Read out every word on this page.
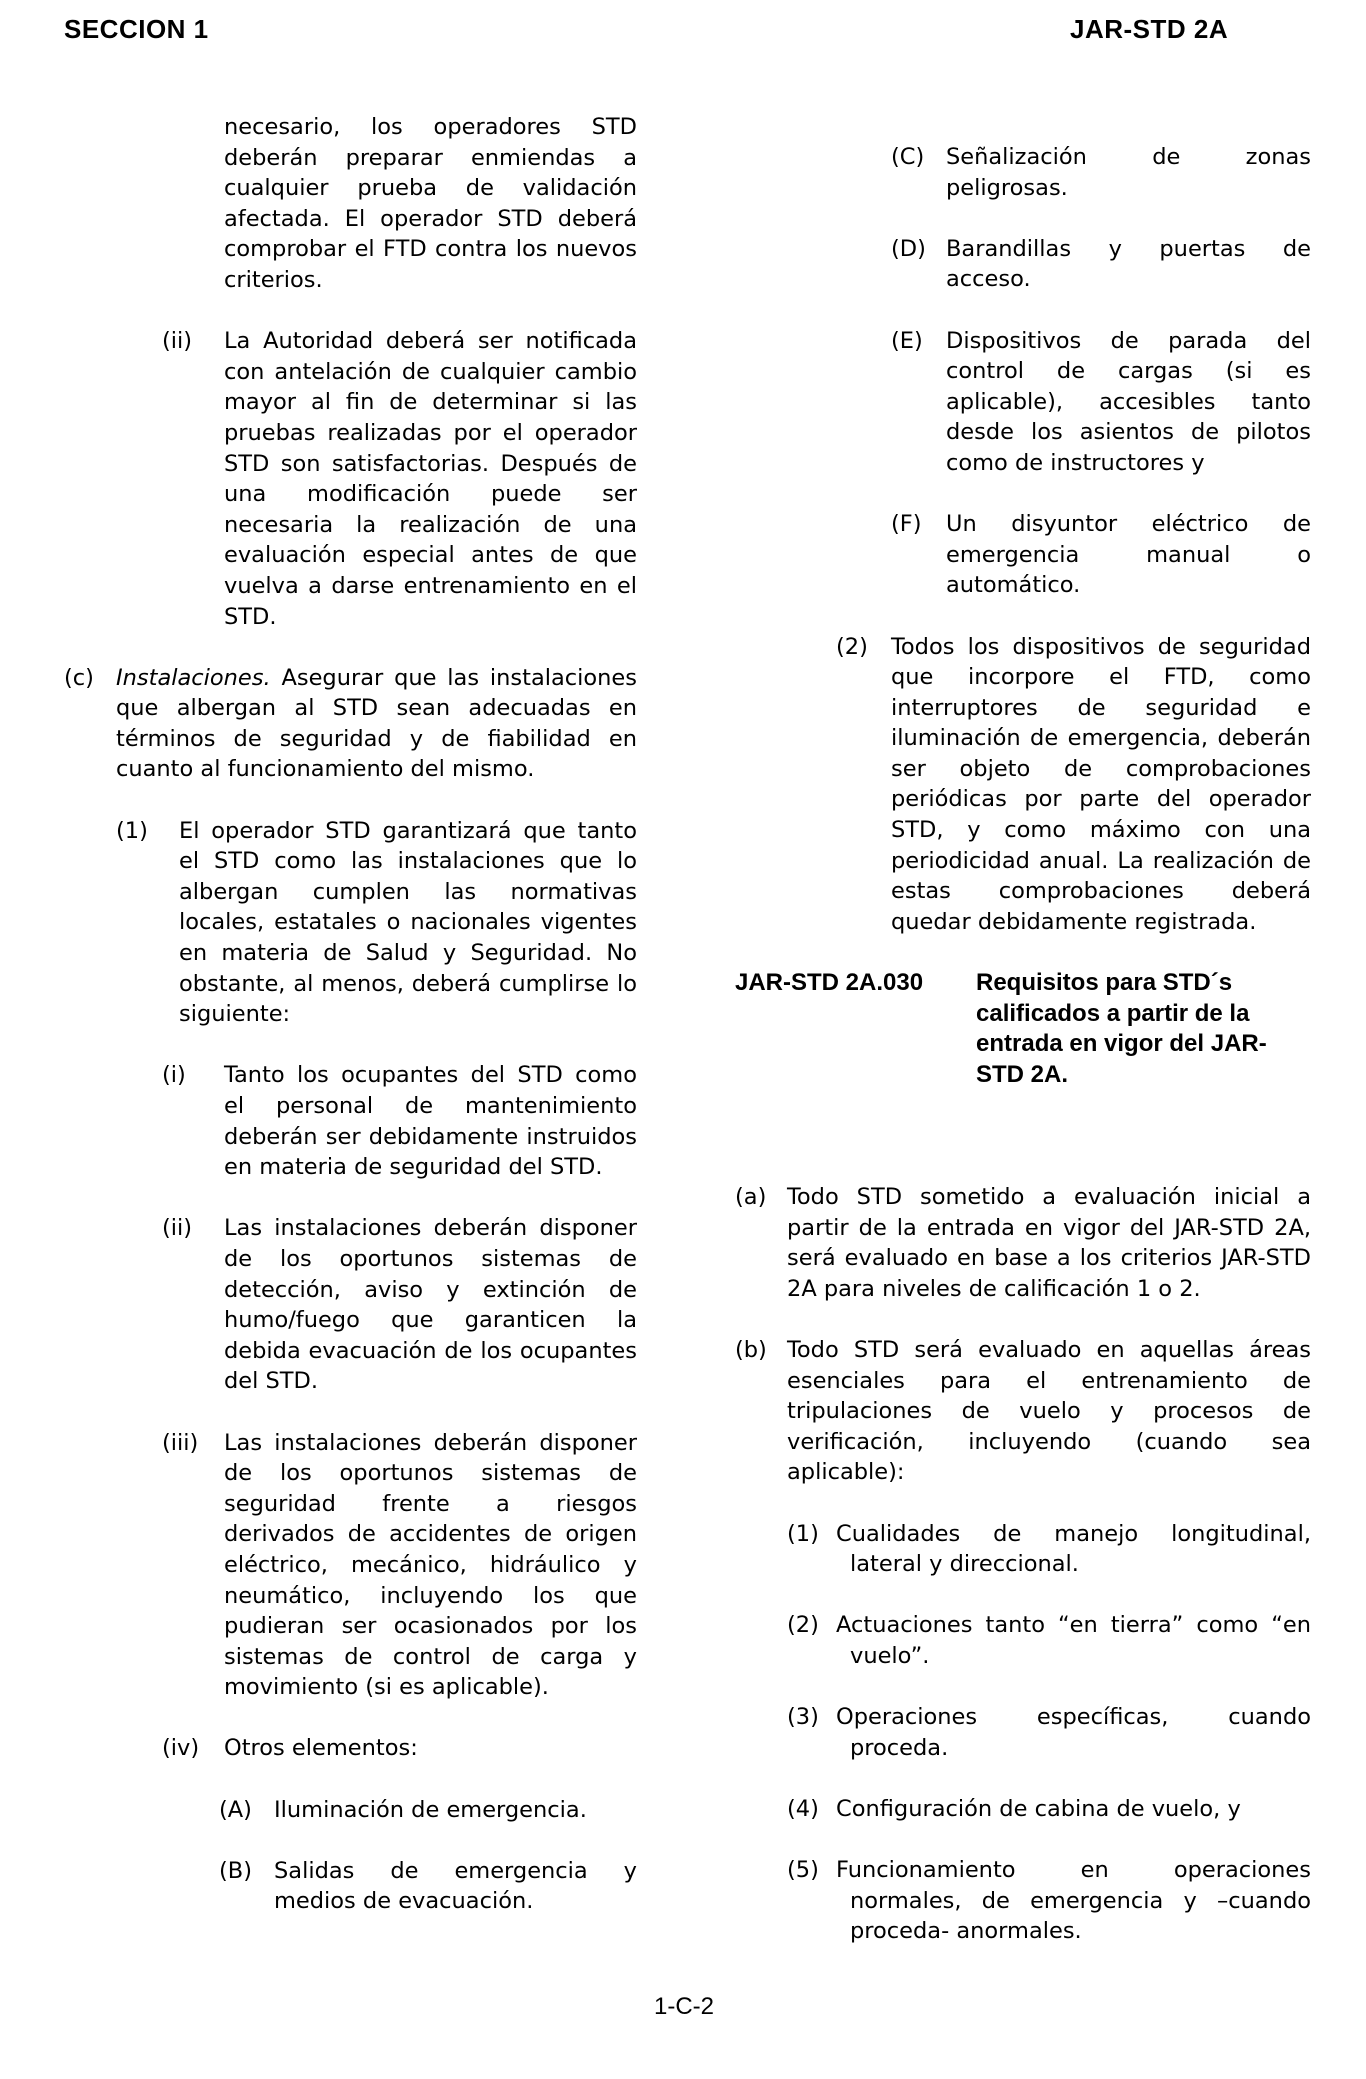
SECCION 1	JAR-STD 2A
necesario, los operadores STD deberán preparar enmiendas a cualquier prueba de validación afectada. El operador STD deberá comprobar el FTD contra los nuevos criterios.
(ii) La Autoridad deberá ser notificada con antelación de cualquier cambio mayor al fin de determinar si las pruebas realizadas por el operador STD son satisfactorias. Después de una modificación puede ser necesaria la realización de una evaluación especial antes de que vuelva a darse entrenamiento en el STD.
(c) Instalaciones. Asegurar que las instalaciones que albergan al STD sean adecuadas en términos de seguridad y de fiabilidad en cuanto al funcionamiento del mismo.
(1) El operador STD garantizará que tanto el STD como las instalaciones que lo albergan cumplen las normativas locales, estatales o nacionales vigentes en materia de Salud y Seguridad. No obstante, al menos, deberá cumplirse lo siguiente:
(i) Tanto los ocupantes del STD como el personal de mantenimiento deberán ser debidamente instruidos en materia de seguridad del STD.
(ii) Las instalaciones deberán disponer de los oportunos sistemas de detección, aviso y extinción de humo/fuego que garanticen la debida evacuación de los ocupantes del STD.
(iii) Las instalaciones deberán disponer de los oportunos sistemas de seguridad frente a riesgos derivados de accidentes de origen eléctrico, mecánico, hidráulico y neumático, incluyendo los que pudieran ser ocasionados por los sistemas de control de carga y movimiento (si es aplicable).
(iv) Otros elementos:
(A) Iluminación de emergencia.
(B) Salidas de emergencia y medios de evacuación.
(C) Señalización de zonas peligrosas.
(D) Barandillas y puertas de acceso.
(E) Dispositivos de parada del control de cargas (si es aplicable), accesibles tanto desde los asientos de pilotos como de instructores y
(F) Un disyuntor eléctrico de emergencia manual o automático.
(2) Todos los dispositivos de seguridad que incorpore el FTD, como interruptores de seguridad e iluminación de emergencia, deberán ser objeto de comprobaciones periódicas por parte del operador STD, y como máximo con una periodicidad anual. La realización de estas comprobaciones deberá quedar debidamente registrada.
JAR-STD 2A.030 Requisitos para STD´s calificados a partir de la entrada en vigor del JAR-STD 2A.
(a) Todo STD sometido a evaluación inicial a partir de la entrada en vigor del JAR-STD 2A, será evaluado en base a los criterios JAR-STD 2A para niveles de calificación 1 o 2.
(b) Todo STD será evaluado en aquellas áreas esenciales para el entrenamiento de tripulaciones de vuelo y procesos de verificación, incluyendo (cuando sea aplicable):
(1) Cualidades de manejo longitudinal, lateral y direccional.
(2) Actuaciones tanto “en tierra” como “en vuelo”.
(3) Operaciones específicas, cuando proceda.
(4) Configuración de cabina de vuelo, y
(5) Funcionamiento en operaciones normales, de emergencia y –cuando proceda- anormales.
1-C-2
